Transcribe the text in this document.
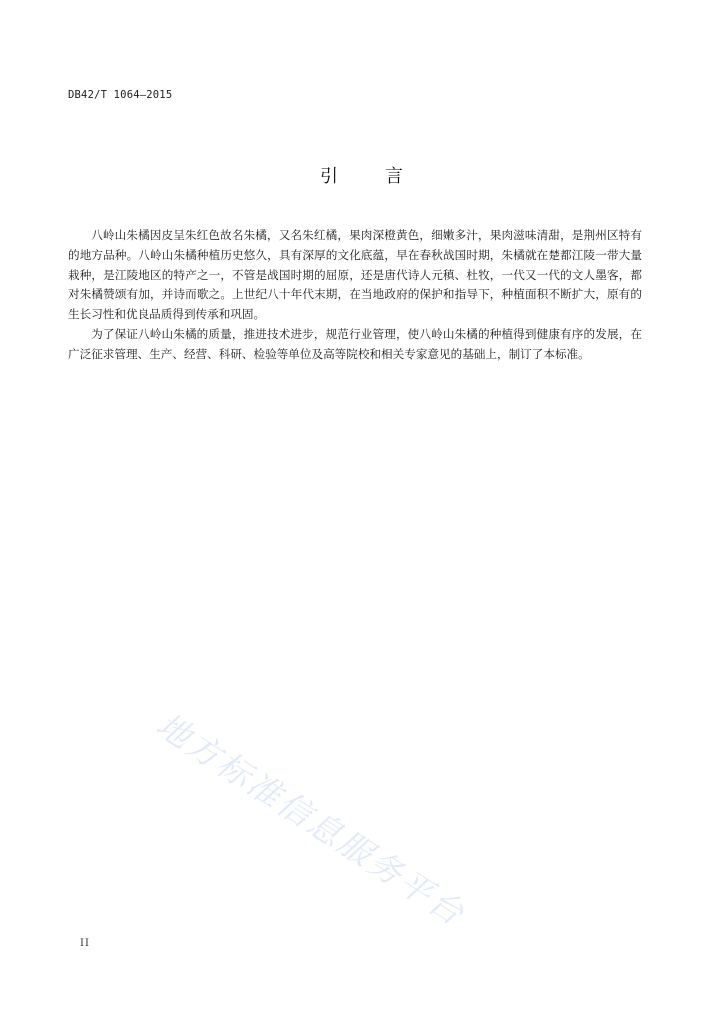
DB42/T 1064—2015
引	言

八岭山朱橘因皮呈朱红色故名朱橘，又名朱红橘，果肉深橙黄色，细嫩多汁，果肉滋味清甜，是荆州区特有的地方品种。八岭山朱橘种植历史悠久，具有深厚的文化底蕴，早在春秋战国时期，朱橘就在楚都江陵一带大量栽种，是江陵地区的特产之一，不管是战国时期的屈原，还是唐代诗人元稹、杜牧，一代又一代的文人墨客，都对朱橘赞颂有加，并诗而歌之。上世纪八十年代末期，在当地政府的保护和指导下，种植面积不断扩大，原有的生长习性和优良品质得到传承和巩固。

为了保证八岭山朱橘的质量，推进技术进步，规范行业管理，使八岭山朱橘的种植得到健康有序的发展，在广泛征求管理、生产、经营、科研、检验等单位及高等院校和相关专家意见的基础上，制订了本标准。

地方标准信息服务平台
II
